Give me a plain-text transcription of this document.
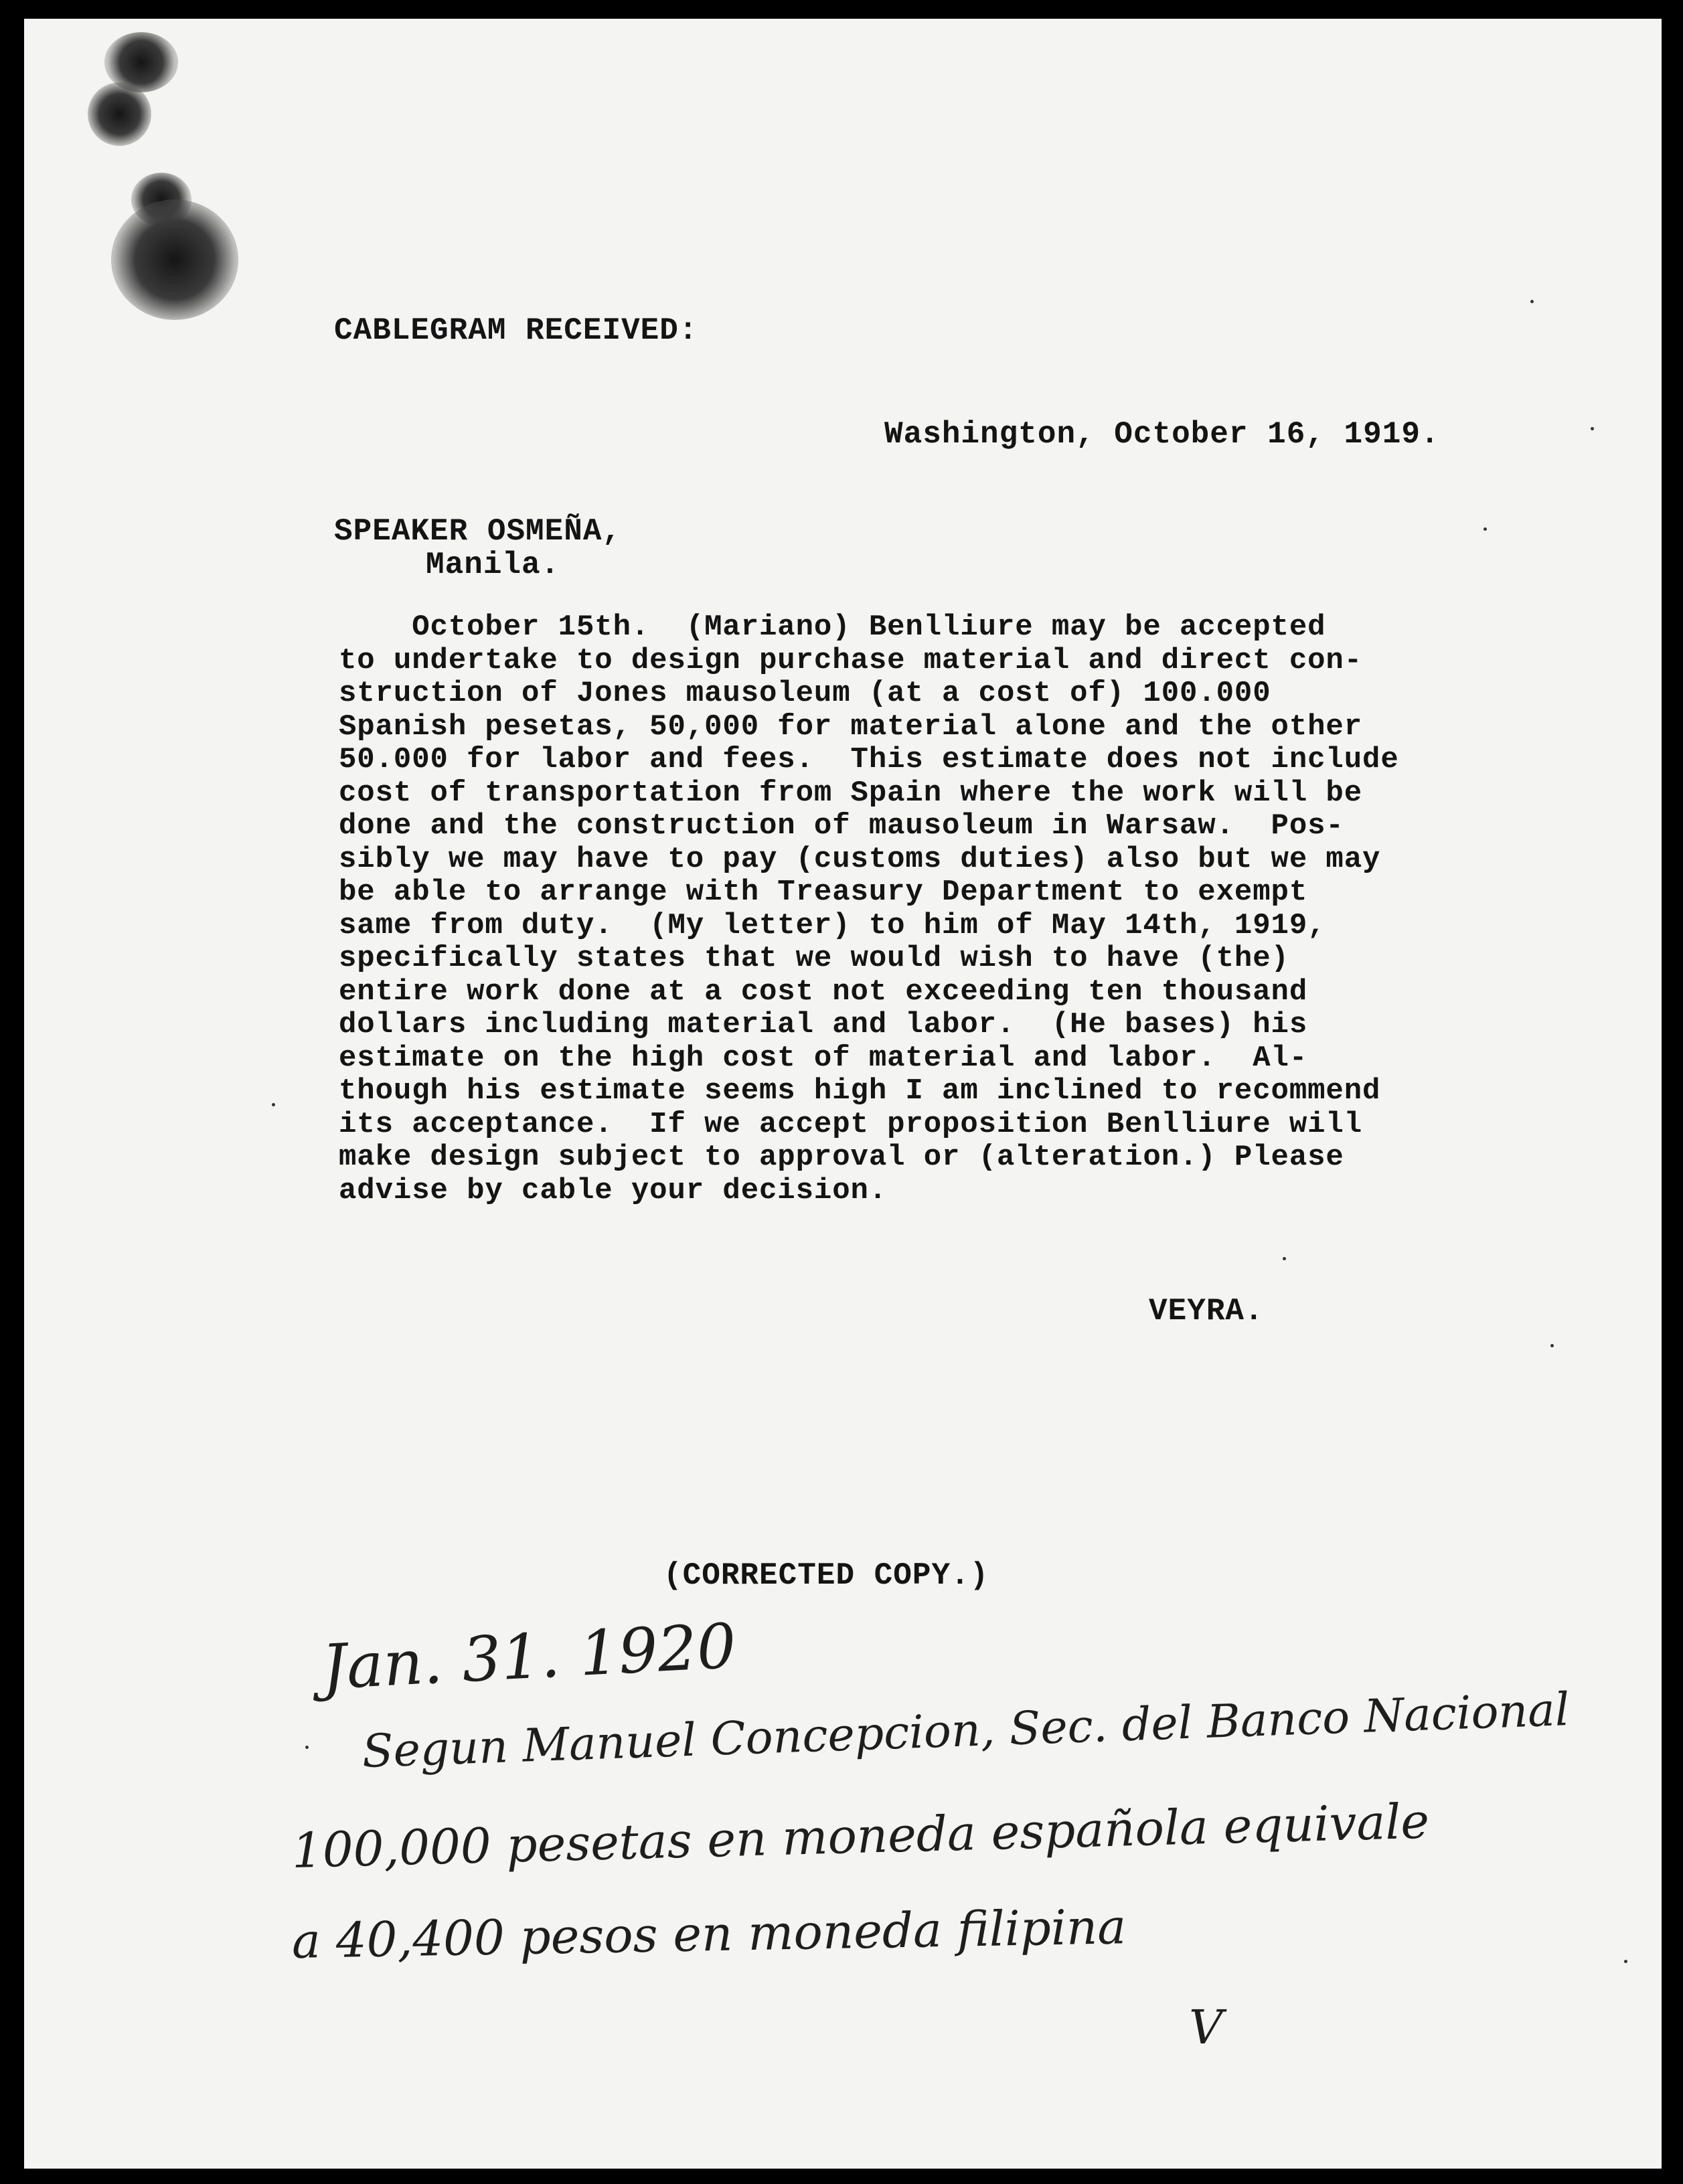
CABLEGRAM RECEIVED:
Washington, October 16, 1919.
SPEAKER OSMEÑA,
Manila.
October 15th.  (Mariano) Benlliure may be accepted
to undertake to design purchase material and direct con-
struction of Jones mausoleum (at a cost of) 100.000
Spanish pesetas, 50,000 for material alone and the other
50.000 for labor and fees.  This estimate does not include
cost of transportation from Spain where the work will be
done and the construction of mausoleum in Warsaw.  Pos-
sibly we may have to pay (customs duties) also but we may
be able to arrange with Treasury Department to exempt
same from duty.  (My letter) to him of May 14th, 1919,
specifically states that we would wish to have (the)
entire work done at a cost not exceeding ten thousand
dollars including material and labor.  (He bases) his
estimate on the high cost of material and labor.  Al-
though his estimate seems high I am inclined to recommend
its acceptance.  If we accept proposition Benlliure will
make design subject to approval or (alteration.) Please
advise by cable your decision.
VEYRA.
(CORRECTED COPY.)
Jan. 31. 1920
Segun Manuel Concepcion, Sec. del Banco Nacional
100,000 pesetas en moneda española equivale
a 40,400 pesos en moneda filipina
V
